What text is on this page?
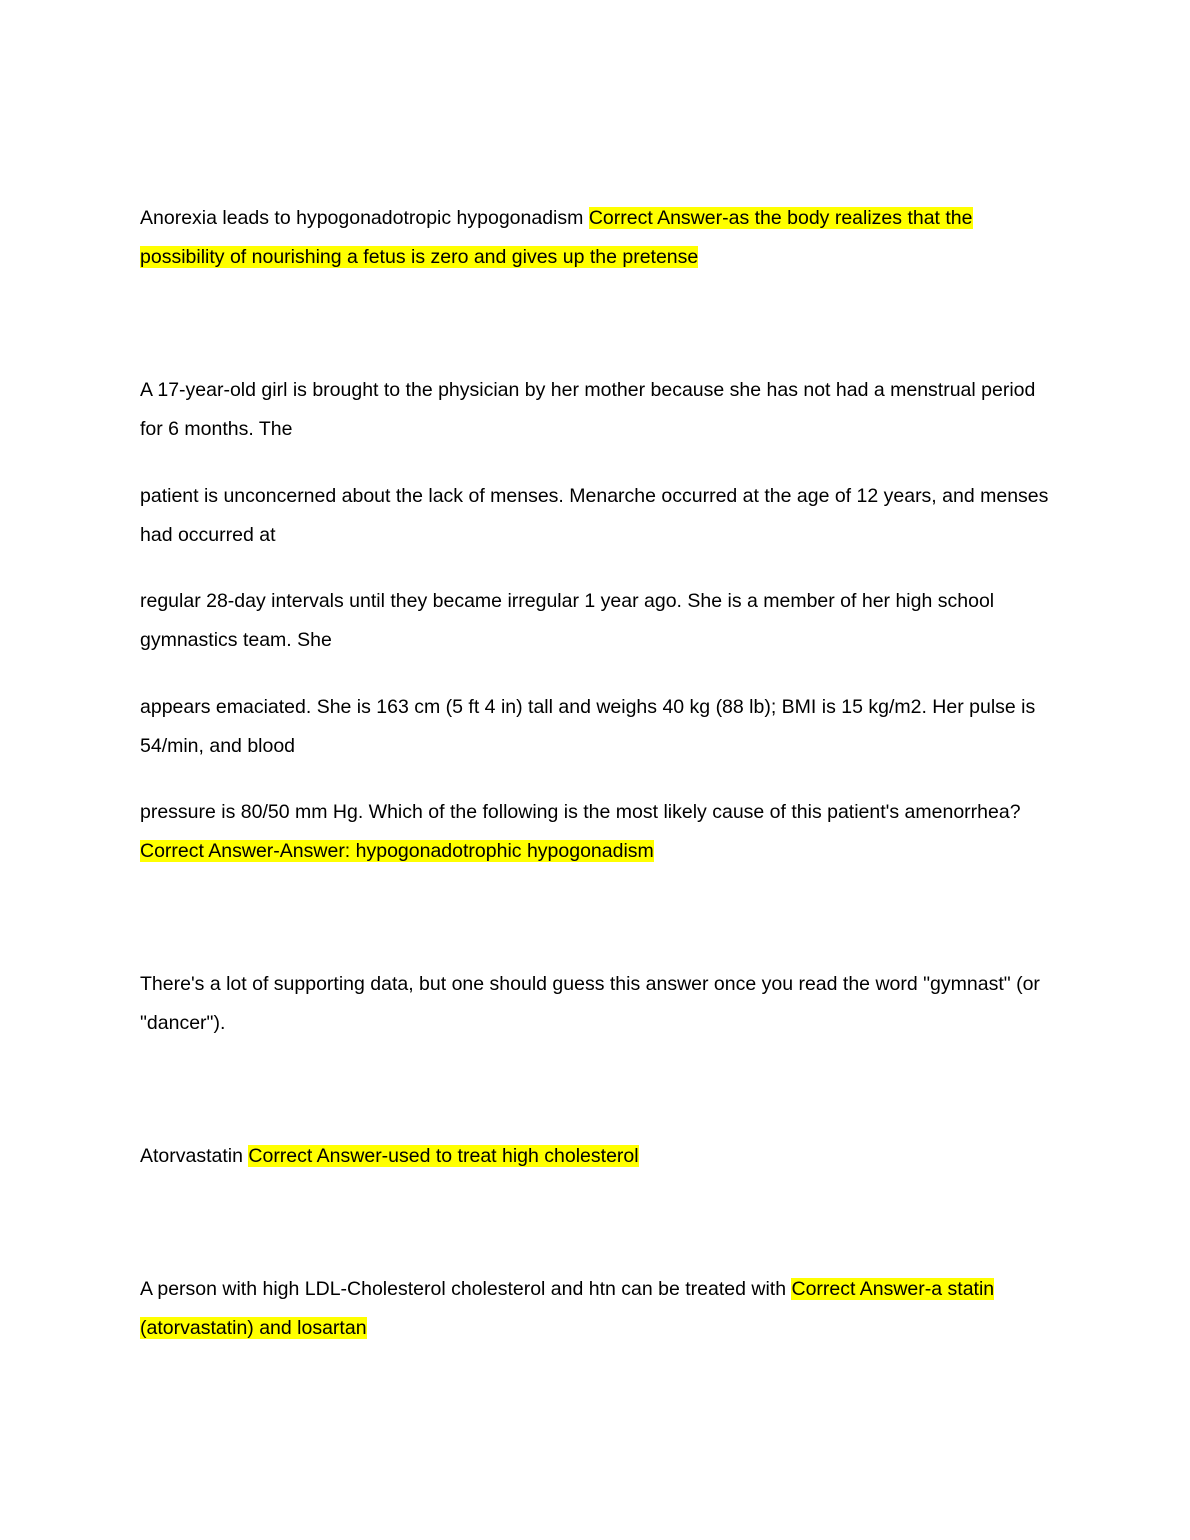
Anorexia leads to hypogonadotropic hypogonadism Correct Answer-as the body realizes that the possibility of nourishing a fetus is zero and gives up the pretense

A 17-year-old girl is brought to the physician by her mother because she has not had a menstrual period for 6 months. The

patient is unconcerned about the lack of menses. Menarche occurred at the age of 12 years, and menses had occurred at

regular 28-day intervals until they became irregular 1 year ago. She is a member of her high school gymnastics team. She

appears emaciated. She is 163 cm (5 ft 4 in) tall and weighs 40 kg (88 lb); BMI is 15 kg/m2. Her pulse is 54/min, and blood

pressure is 80/50 mm Hg. Which of the following is the most likely cause of this patient's amenorrhea? Correct Answer-Answer: hypogonadotrophic hypogonadism

There's a lot of supporting data, but one should guess this answer once you read the word "gymnast" (or "dancer").

Atorvastatin Correct Answer-used to treat high cholesterol

A person with high LDL-Cholesterol cholesterol and htn can be treated with Correct Answer-a statin (atorvastatin) and losartan
